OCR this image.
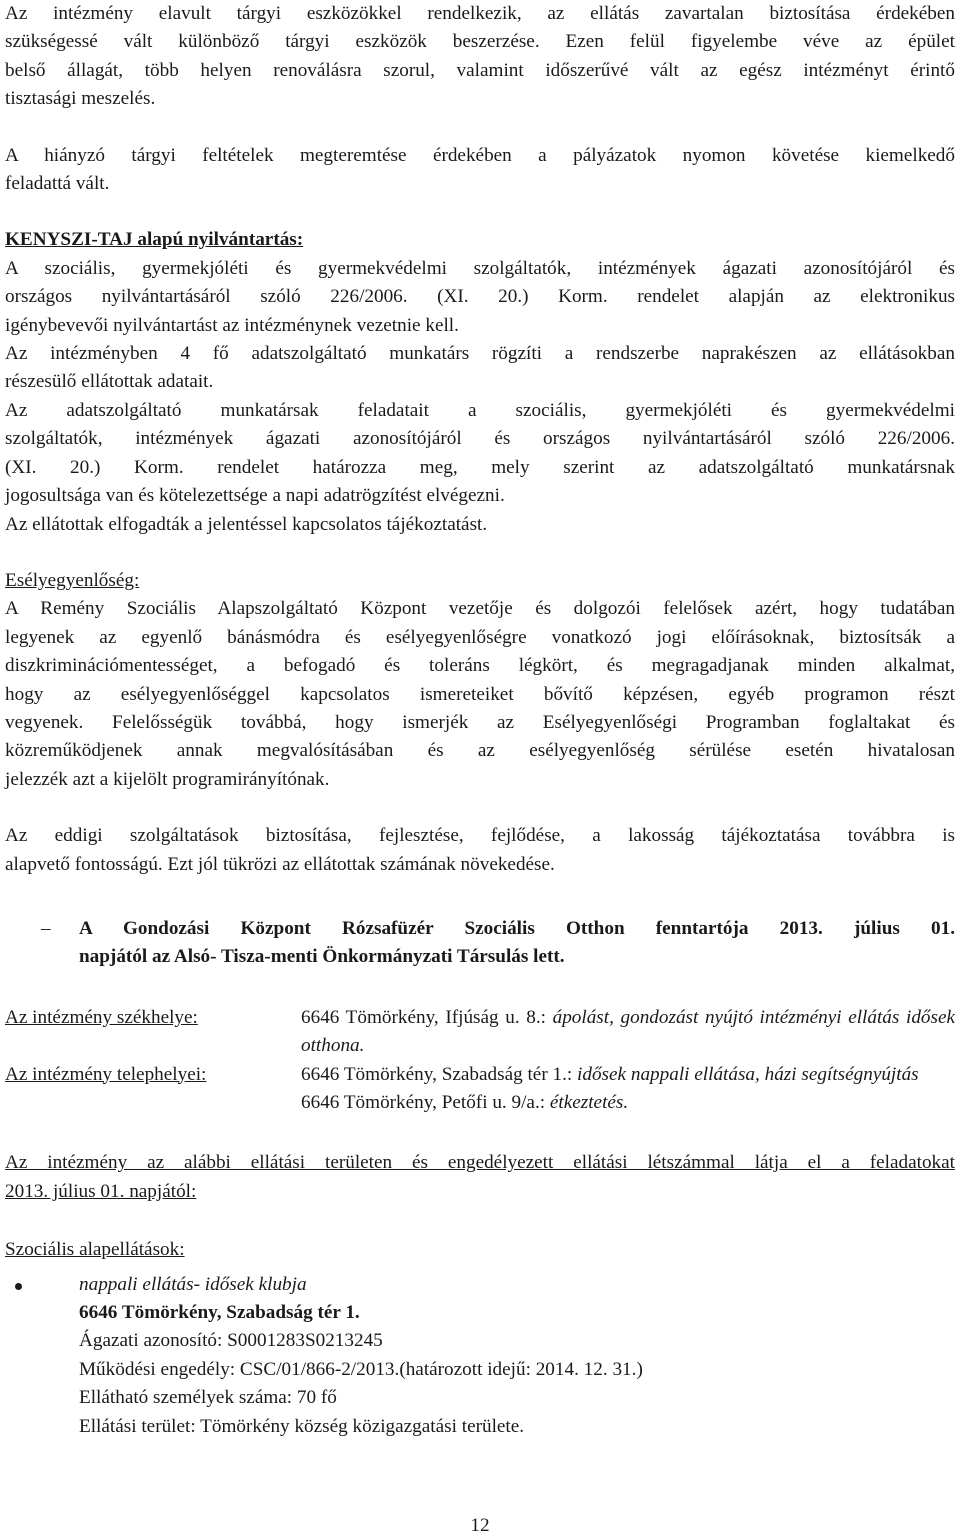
Az intézmény elavult tárgyi eszközökkel rendelkezik, az ellátás zavartalan biztosítása érdekében

szükségessé vált különböző tárgyi eszközök beszerzése. Ezen felül figyelembe véve az épület

belső állagát, több helyen renoválásra szorul, valamint időszerűvé vált az egész intézményt érintő

tisztasági meszelés.

A hiányzó tárgyi feltételek megteremtése érdekében a pályázatok nyomon követése kiemelkedő

feladattá vált.

KENYSZI-TAJ alapú nyilvántartás:

A szociális, gyermekjóléti és gyermekvédelmi szolgáltatók, intézmények ágazati azonosítójáról és

országos nyilvántartásáról szóló 226/2006. (XI. 20.) Korm. rendelet alapján az elektronikus

igénybevevői nyilvántartást az intézménynek vezetnie kell.

Az intézményben 4 fő adatszolgáltató munkatárs rögzíti a rendszerbe naprakészen az ellátásokban

részesülő ellátottak adatait.

Az adatszolgáltató munkatársak feladatait a szociális, gyermekjóléti és gyermekvédelmi

szolgáltatók, intézmények ágazati azonosítójáról és országos nyilvántartásáról szóló 226/2006.

(XI. 20.) Korm. rendelet határozza meg, mely szerint az adatszolgáltató munkatársnak

jogosultsága van és kötelezettsége a napi adatrögzítést elvégezni.

Az ellátottak elfogadták a jelentéssel kapcsolatos tájékoztatást.

Esélyegyenlőség:

A Remény Szociális Alapszolgáltató Központ vezetője és dolgozói felelősek azért, hogy tudatában

legyenek az egyenlő bánásmódra és esélyegyenlőségre vonatkozó jogi előírásoknak, biztosítsák a

diszkriminációmentességet, a befogadó és toleráns légkört, és megragadjanak minden alkalmat,

hogy az esélyegyenlőséggel kapcsolatos ismereteiket bővítő képzésen, egyéb programon részt

vegyenek. Felelősségük továbbá, hogy ismerjék az Esélyegyenlőségi Programban foglaltakat és

közreműködjenek annak megvalósításában és az esélyegyenlőség sérülése esetén hivatalosan

jelezzék azt a kijelölt programirányítónak.

Az eddigi szolgáltatások biztosítása, fejlesztése, fejlődése, a lakosság tájékoztatása továbbra is

alapvető fontosságú. Ezt jól tükrözi az ellátottak számának növekedése.

–	A Gondozási Központ Rózsafüzér Szociális Otthon fenntartója 2013. július 01.

napjától az Alsó- Tisza-menti Önkormányzati Társulás lett.

Az intézmény székhelye:	6646 Tömörkény, Ifjúság u. 8.: ápolást, gondozást nyújtó intézményi ellátás idősek otthona.

Az intézmény telephelyei:	6646 Tömörkény, Szabadság tér 1.: idősek nappali ellátása, házi segítségnyújtás

6646 Tömörkény, Petőfi u. 9/a.: étkeztetés.

Az intézmény az alábbi ellátási területen és engedélyezett ellátási létszámmal látja el a feladatokat

2013. július 01. napjától:

Szociális alapellátások:

nappali ellátás- idősek klubja

6646 Tömörkény, Szabadság tér 1.

Ágazati azonosító: S0001283S0213245

Működési engedély: CSC/01/866-2/2013.(határozott idejű: 2014. 12. 31.)

Ellátható személyek száma: 70 fő

Ellátási terület: Tömörkény község közigazgatási területe.

12
